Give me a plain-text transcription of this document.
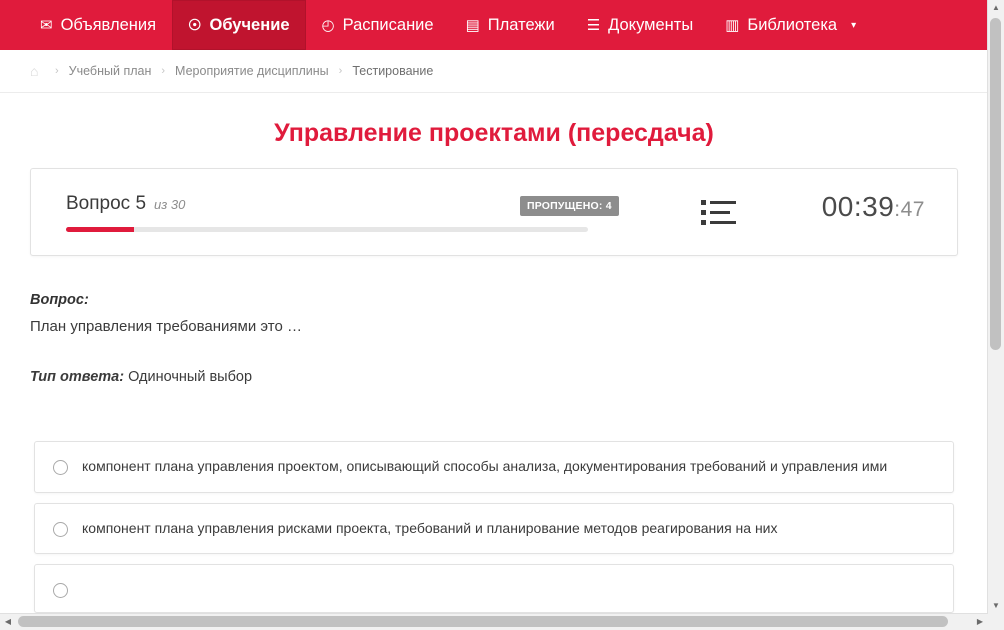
✉ Объявления ☉ Обучение ◴ Расписание ▤ Платежи ☰ Документы ▥ Библиотека ▾
⌂	› Учебный план › Мероприятие дисциплины › Тестирование
Управление проектами (пересдача)
Вопрос 5 из 30	ПРОПУЩЕНО: 4	00:39:47
Вопрос:
План управления требованиями это …
Тип ответа: Одиночный выбор
компонент плана управления проектом, описывающий способы анализа, документирования требований и управления ими
компонент плана управления рисками проекта, требований и планирование методов реагирования на них
▲
▼
◀	▶
